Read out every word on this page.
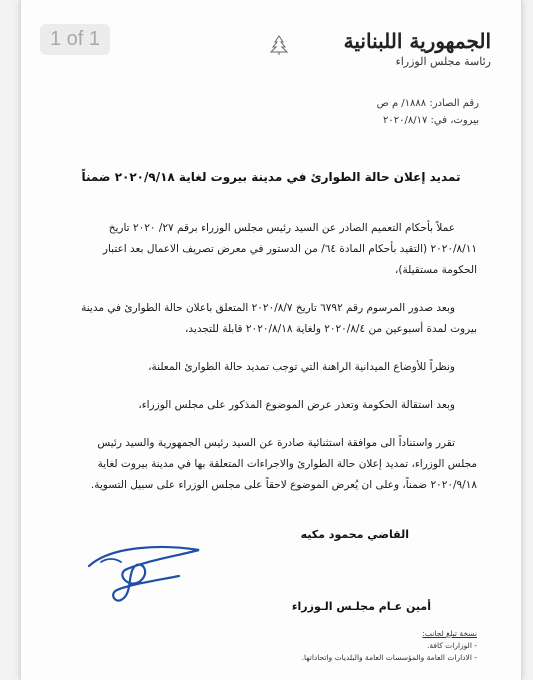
الجمهورية اللبنانية
رئاسة مجلس الوزراء
رقم الصادر: ١٨٨٨/ م ص
بيروت، في: ٢٠٢٠/٨/١٧
تمديد إعلان حالة الطوارئ في مدينة بيروت لغاية ٢٠٢٠/٩/١٨ ضمناً

عملاً بأحكام التعميم الصادر عن السيد رئيس مجلس الوزراء برقم ٢٧/ ٢٠٢٠ تاريخ ٢٠٢٠/٨/١١ (التقيد بأحكام المادة ٦٤/ من الدستور في معرض تصريف الاعمال بعد اعتبار الحكومة مستقيلة)،

وبعد صدور المرسوم رقم ٦٧٩٢ تاريخ ٢٠٢٠/٨/٧ المتعلق باعلان حالة الطوارئ في مدينة بيروت لمدة أسبوعين من ٢٠٢٠/٨/٤ ولغاية ٢٠٢٠/٨/١٨ قابلة للتجديد،

ونظراً للأوضاع الميدانية الراهنة التي توجب تمديد حالة الطوارئ المعلنة،

وبعد استقالة الحكومة وتعذر عرض الموضوع المذكور على مجلس الوزراء،

تقرر واستناداً الى موافقة استثنائية صادرة عن السيد رئيس الجمهورية والسيد رئيس مجلس الوزراء، تمديد إعلان حالة الطوارئ والاجراءات المتعلقة بها في مدينة بيروت لغاية ٢٠٢٠/٩/١٨ ضمناً، وعلى ان يُعرض الموضوع لاحقاً على مجلس الوزراء على سبيل التسوية.

القاضي محمود مكيه
أمين عـام مجلـس الـوزراء
نسخة تبلغ لجانب:
- الوزارات كافة.
- الادارات العامة والمؤسسات العامة والبلديات واتحاداتها.
1 of 1
